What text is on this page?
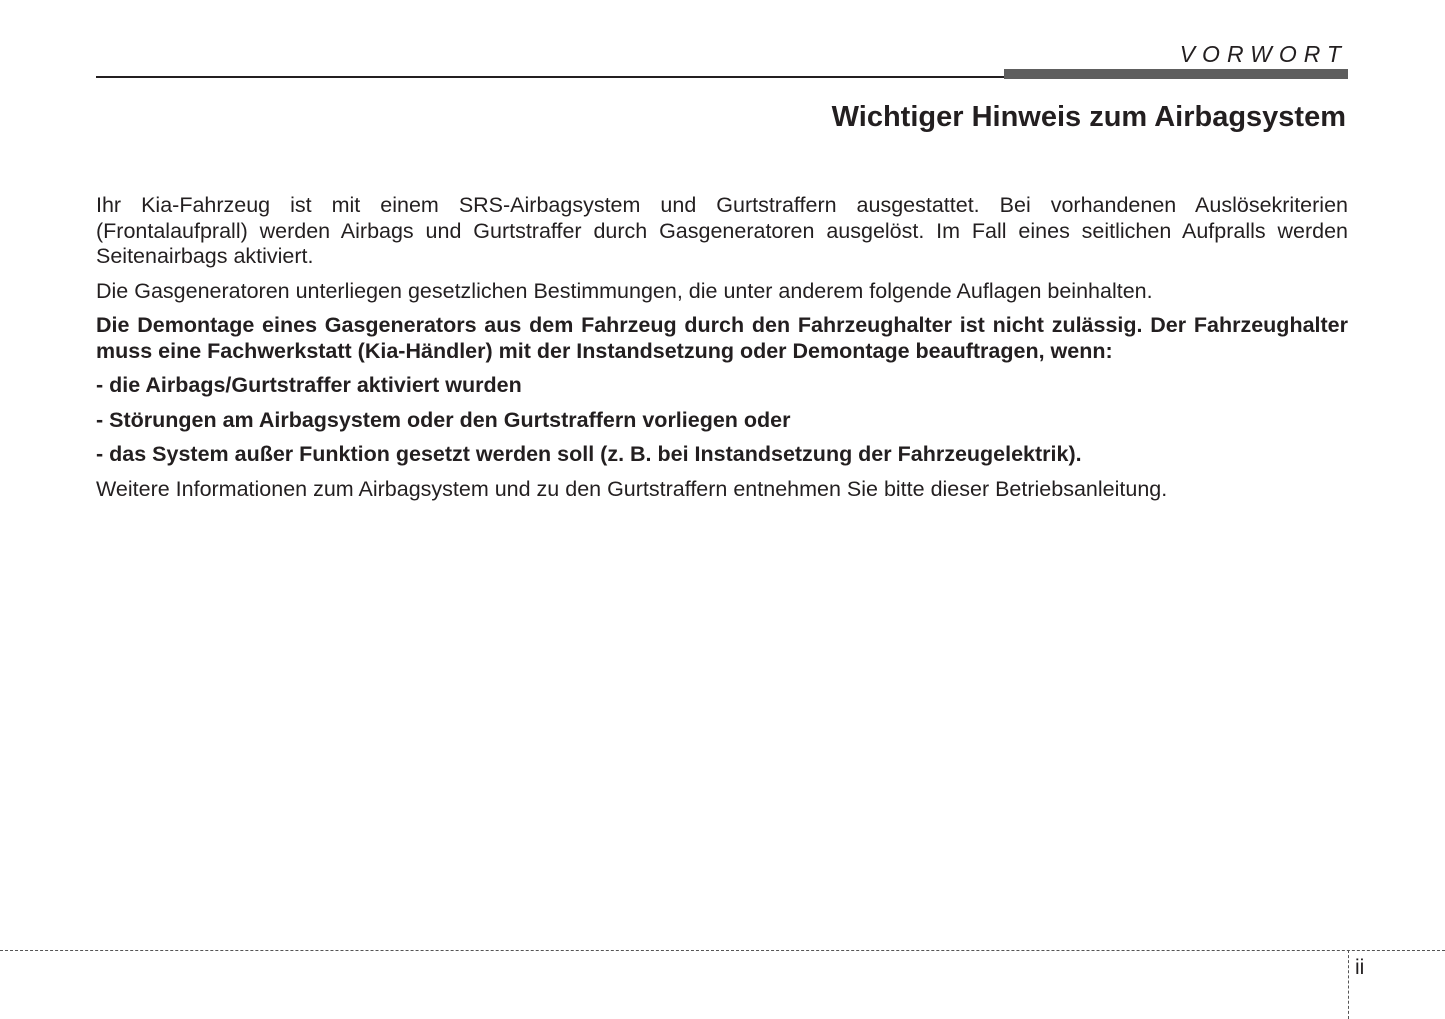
VORWORT
Wichtiger Hinweis zum Airbagsystem

Ihr Kia-Fahrzeug ist mit einem SRS-Airbagsystem und Gurtstraffern ausgestattet. Bei vorhandenen Auslösekriterien (Frontalaufprall) werden Airbags und Gurtstraffer durch Gasgeneratoren ausgelöst. Im Fall eines seitlichen Aufpralls werden Seitenairbags aktiviert.

Die Gasgeneratoren unterliegen gesetzlichen Bestimmungen, die unter anderem folgende Auflagen beinhalten.

Die Demontage eines Gasgenerators aus dem Fahrzeug durch den Fahrzeughalter ist nicht zulässig. Der Fahrzeughalter muss eine Fachwerkstatt (Kia-Händler) mit der Instandsetzung oder Demontage beauftragen, wenn:

- die Airbags/Gurtstraffer aktiviert wurden

- Störungen am Airbagsystem oder den Gurtstraffern vorliegen oder

- das System außer Funktion gesetzt werden soll (z. B. bei Instandsetzung der Fahrzeugelektrik).

Weitere Informationen zum Airbagsystem und zu den Gurtstraffern entnehmen Sie bitte dieser Betriebsanleitung.

ii
